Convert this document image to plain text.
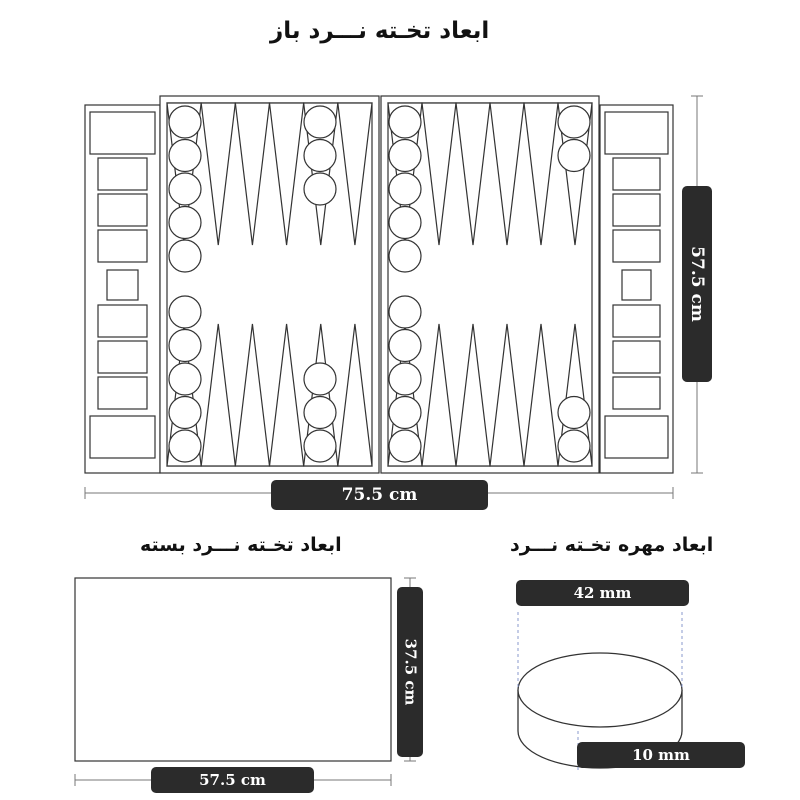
ابعاد تخـته نـــرد باز
ابعاد تخـته نـــرد بسته	ابعاد مهره تخـته نـــرد
75.5 cm
57.5 cm
57.5 cm
37.5 cm
42 mm
10 mm
